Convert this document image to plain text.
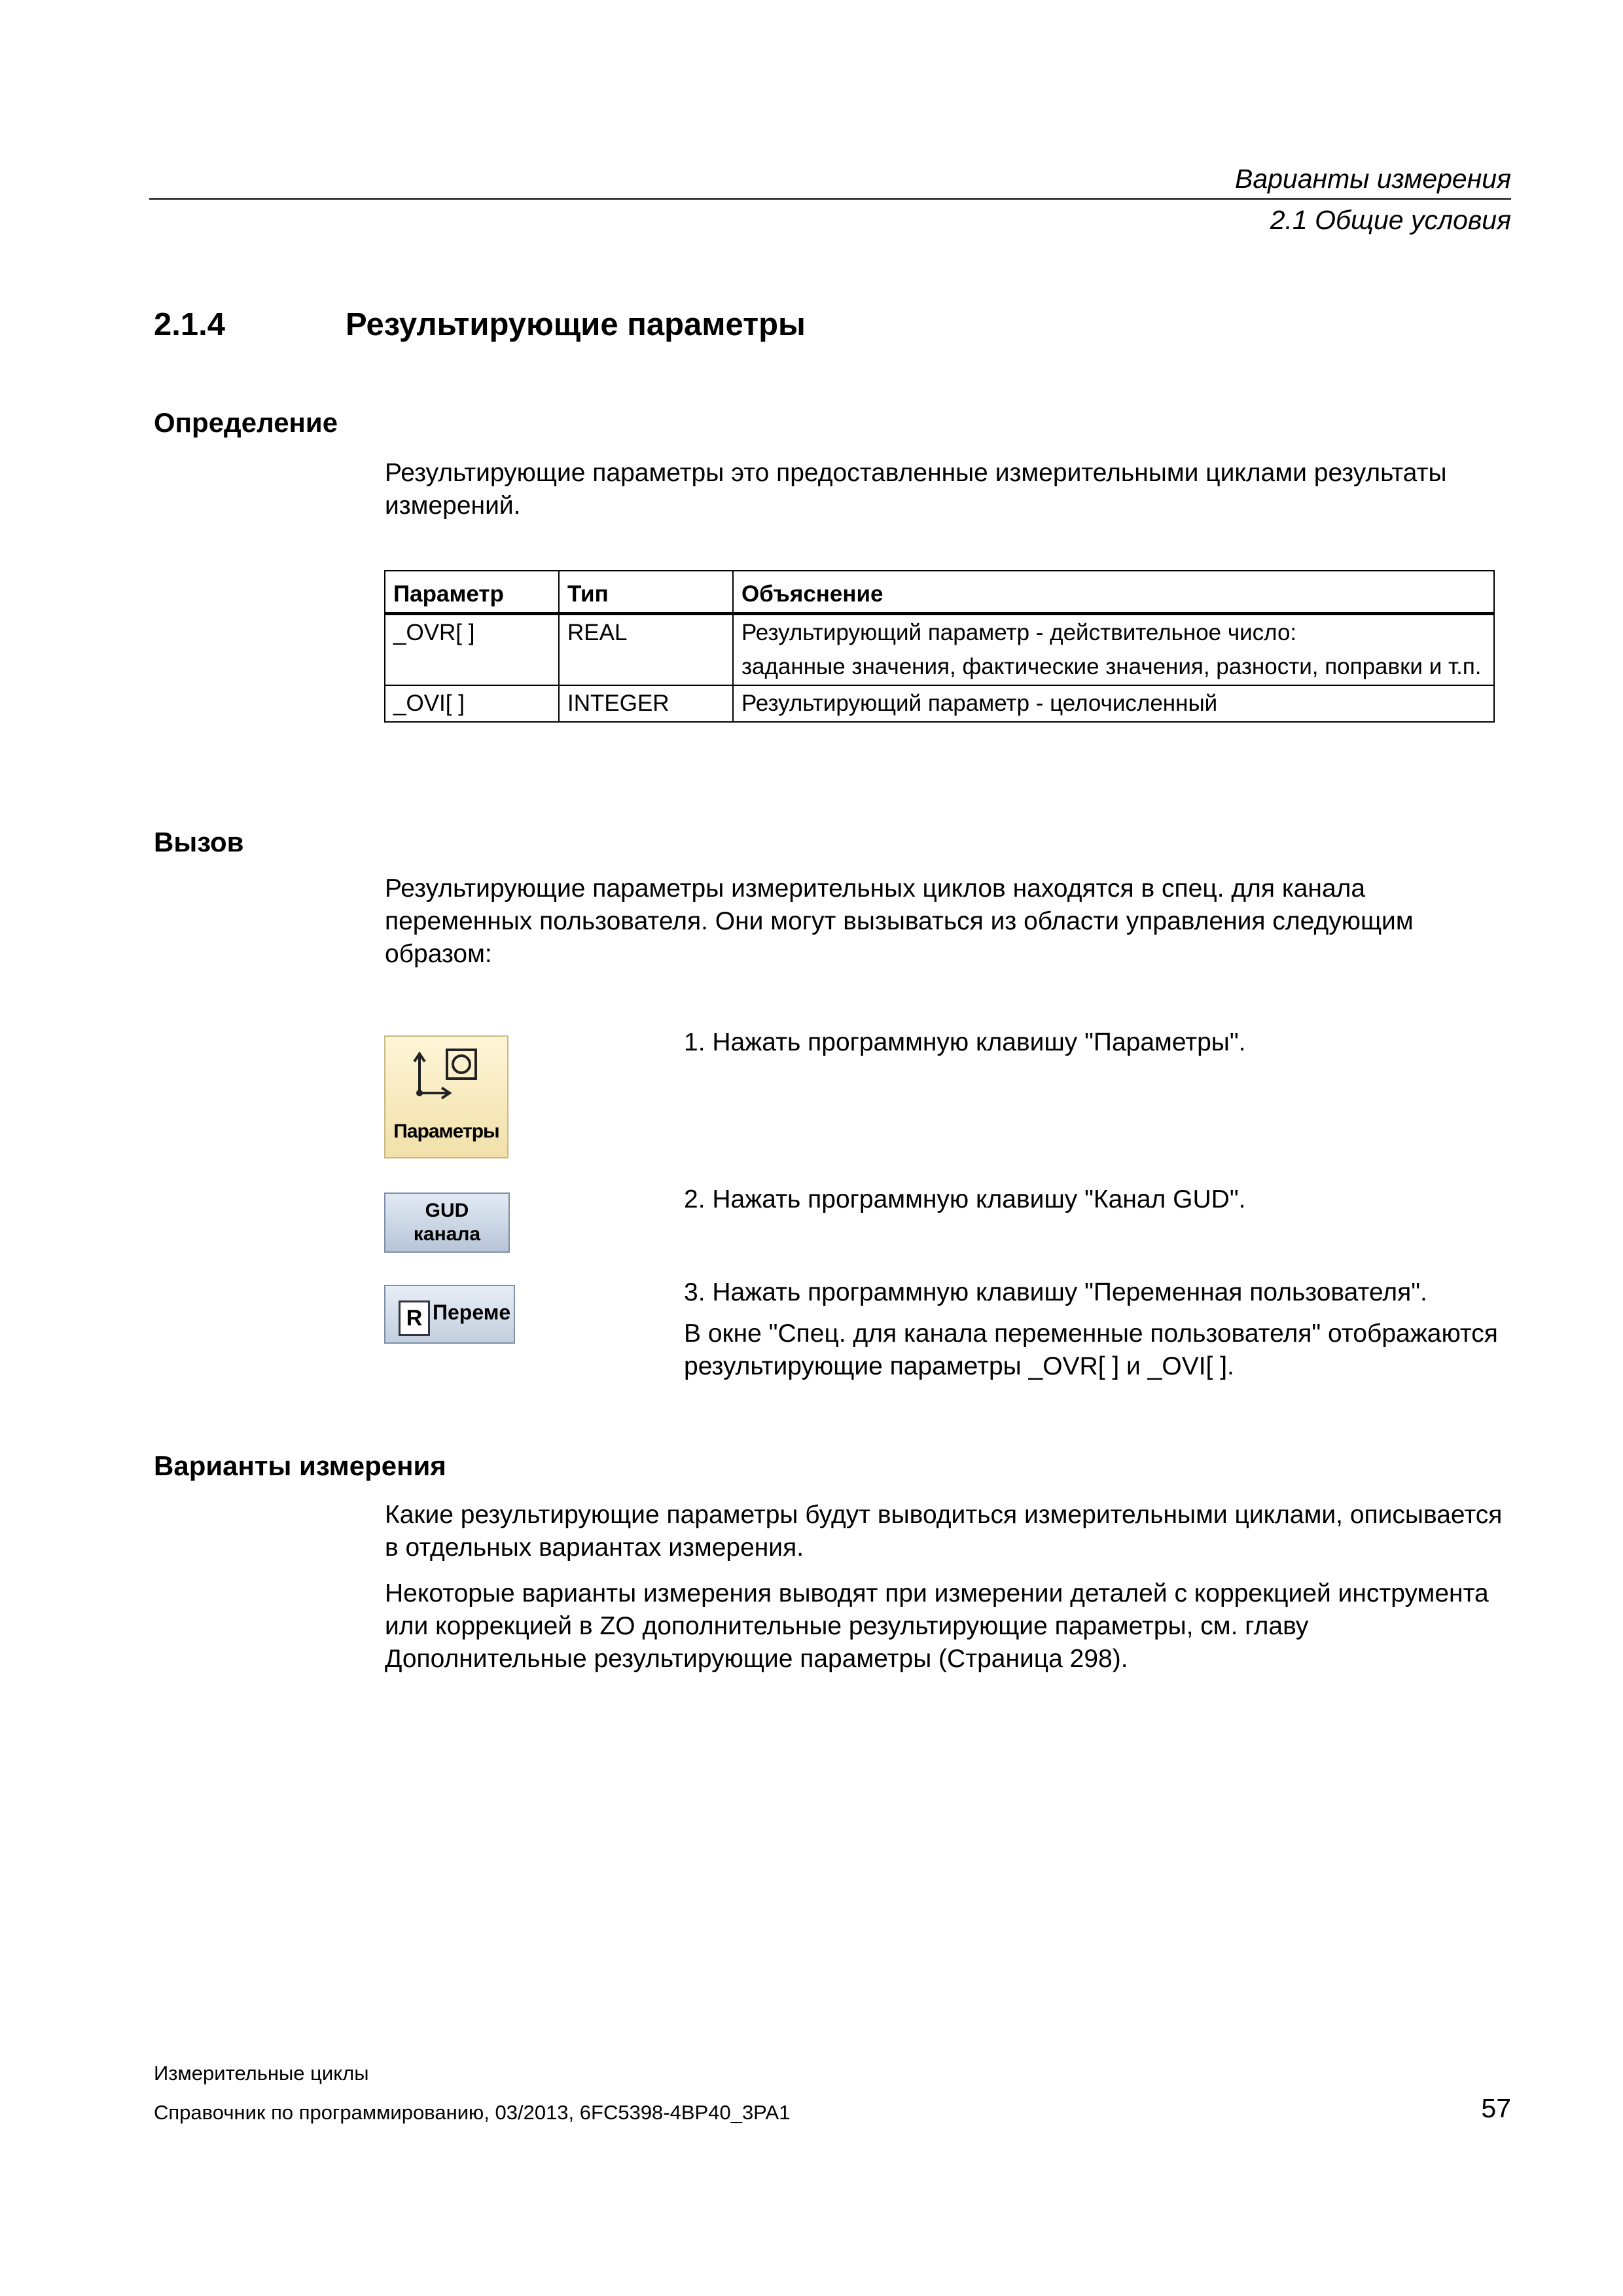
Варианты измерения
2.1 Общие условия
2.1.4	Результирующие параметры
Определение
Результирующие параметры это предоставленные измерительными циклами результаты измерений.
Параметр	Тип	Объяснение
_OVR[ ]	REAL	Результирующий параметр - действительное число:
заданные значения, фактические значения, разности, поправки и т.п.

_OVI[ ]	INTEGER	Результирующий параметр - целочисленный
Вызов
Результирующие параметры измерительных циклов находятся в спец. для канала переменных пользователя. Они могут вызываться из области управления следующим образом:
Параметры
GUD
канала
R Переме
1. Нажать программную клавишу "Параметры".
2. Нажать программную клавишу "Канал GUD".
3. Нажать программную клавишу "Переменная пользователя".
В окне "Спец. для канала переменные пользователя" отображаются результирующие параметры _OVR[ ] и _OVI[ ].
Варианты измерения
Какие результирующие параметры будут выводиться измерительными циклами, описывается в отдельных вариантах измерения.
Некоторые варианты измерения выводят при измерении деталей с коррекцией инструмента или коррекцией в ZO дополнительные результирующие параметры, см. главу Дополнительные результирующие параметры (Страница 298).
Измерительные циклы
Справочник по программированию, 03/2013, 6FC5398-4BP40_3PA1	57
